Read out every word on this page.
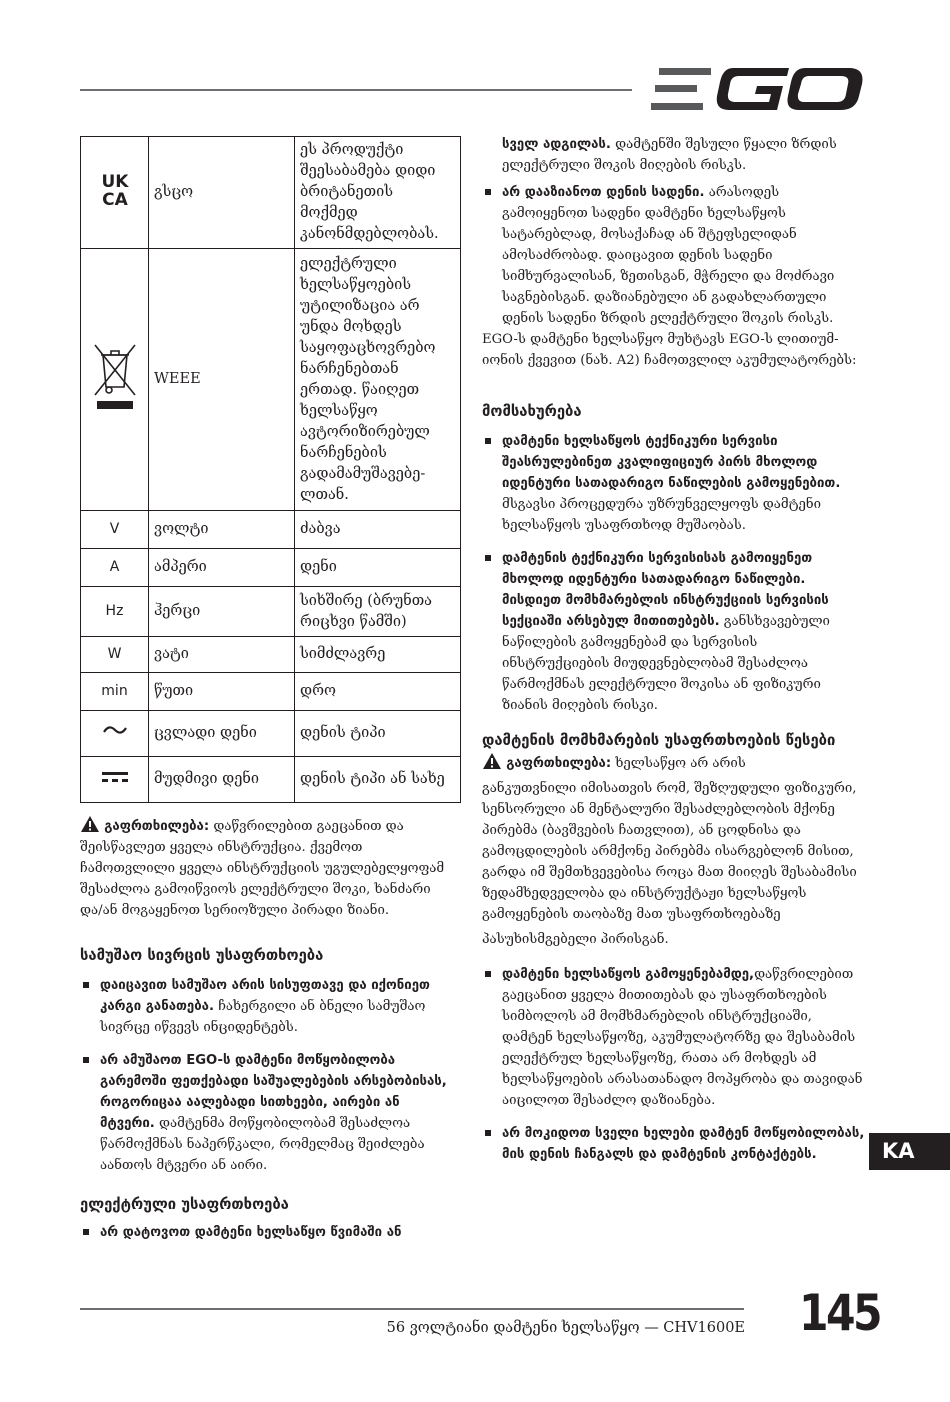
UK
CA	გსცო	ეს პროდუქტი შეესაბამება დიდი ბრიტანეთის მოქმედ კანონმდებლობას.
	WEEE	ელექტრული ხელსაწყოების უტილიზაცია არ უნდა მოხდეს საყოფაცხოვრებო ნარჩენებთან ერთად. წაიღეთ ხელსაწყო ავტორიზირებულ ნარჩენების გადამამუშავებე-ლთან.
V	ვოლტი	ძაბვა
A	ამპერი	დენი
Hz	ჰერცი	სიხშირე (ბრუნთა რიცხვი წამში)
W	ვატი	სიმძლავრე
min	წუთი	დრო
	ცვლადი დენი	დენის ტიპი
	მუდმივი დენი	დენის ტიპი ან სახე

გაფრთხილება: დაწვრილებით გაეცანით და შეისწავლეთ ყველა ინსტრუქცია. ქვემოთ ჩამოთვლილი ყველა ინსტრუქციის უგულებელყოფამ შესაძლოა გამოიწვიოს ელექტრული შოკი, ხანძარი და/ან მოგაყენოთ სერიოზული პირადი ზიანი.

სამუშაო სივრცის უსაფრთხოება

დაიცავით სამუშაო არის სისუფთავე და იქონიეთ კარგი განათება. ჩახერგილი ან ბნელი სამუშაო სივრცე იწვევს ინციდენტებს.

არ ამუშაოთ EGO-ს დამტენი მოწყობილობა გარემოში ფეთქებადი საშუალებების არსებობისას, როგორიცაა აალებადი სითხეები, აირები ან მტვერი. დამტენმა მოწყობილობამ შესაძლოა წარმოქმნას ნაპერწკალი, რომელმაც შეიძლება აანთოს მტვერი ან აირი.

ელექტრული უსაფრთხოება

არ დატოვოთ დამტენი ხელსაწყო წვიმაში ან

სველ ადგილას. დამტენში შესული წყალი ზრდის ელექტრული შოკის მიღების რისკს.

არ დააზიანოთ დენის სადენი. არასოდეს გამოიყენოთ სადენი დამტენი ხელსაწყოს სატარებლად, მოსაქაჩად ან შტეფსელიდან ამოსაძრობად. დაიცავით დენის სადენი სიმხურვალისან, ზეთისგან, მჭრელი და მოძრავი საგნებისგან. დაზიანებული ან გადახლართული დენის სადენი ზრდის ელექტრული შოკის რისკს.

EGO-ს დამტენი ხელსაწყო მუხტავს EGO-ს ლითიუმ-იონის ქვევით (ნახ. A2) ჩამოთვლილ აკუმულატორებს:

მომსახურება

დამტენი ხელსაწყოს ტექნიკური სერვისი შეასრულებინეთ კვალიფიციურ პირს მხოლოდ იდენტური სათადარიგო ნაწილების გამოყენებით. მსგავსი პროცედურა უზრუნველყოფს დამტენი ხელსაწყოს უსაფრთხოდ მუშაობას.

დამტენის ტექნიკური სერვისისას გამოიყენეთ მხოლოდ იდენტური სათადარიგო ნაწილები. მისდიეთ მომხმარებლის ინსტრუქციის სერვისის სექციაში არსებულ მითითებებს. განსხვავებული ნაწილების გამოყენებამ და სერვისის ინსტრუქციების მიუდევნებლობამ შესაძლოა წარმოქმნას ელექტრული შოკისა ან ფიზიკური ზიანის მიღების რისკი.

დამტენის მომხმარების უსაფრთხოების წესები

გაფრთხილება: ხელსაწყო არ არის

განკუთვნილი იმისათვის რომ, შეზღუდული ფიზიკური, სენსორული ან მენტალური შესაძლებლობის მქონე პირებმა (ბავშვების ჩათვლით), ან ცოდნისა და გამოცდილების არმქონე პირებმა ისარგებლონ მისით, გარდა იმ შემთხვევებისა როცა მათ მიიღეს შესაბამისი ზედამხედველობა და ინსტრუქტაჟი ხელსაწყოს გამოყენების თაობაზე მათ უსაფრთხოებაზე

პასუხისმგებელი პირისგან.

დამტენი ხელსაწყოს გამოყენებამდე,დაწვრილებით გაეცანით ყველა მითითებას და უსაფრთხოების სიმბოლოს ამ მომხმარებლის ინსტრუქციაში, დამტენ ხელსაწყოზე, აკუმულატორზე და შესაბამის ელექტრულ ხელსაწყოზე, რათა არ მოხდეს ამ ხელსაწყოების არასათანადო მოპყრობა და თავიდან აიცილოთ შესაძლო დაზიანება.

არ მოკიდოთ სველი ხელები დამტენ მოწყობილობას, მის დენის ჩანგალს და დამტენის კონტაქტებს.	KA
56 ვოლტიანი დამტენი ხელსაწყო — CHV1600E 145
